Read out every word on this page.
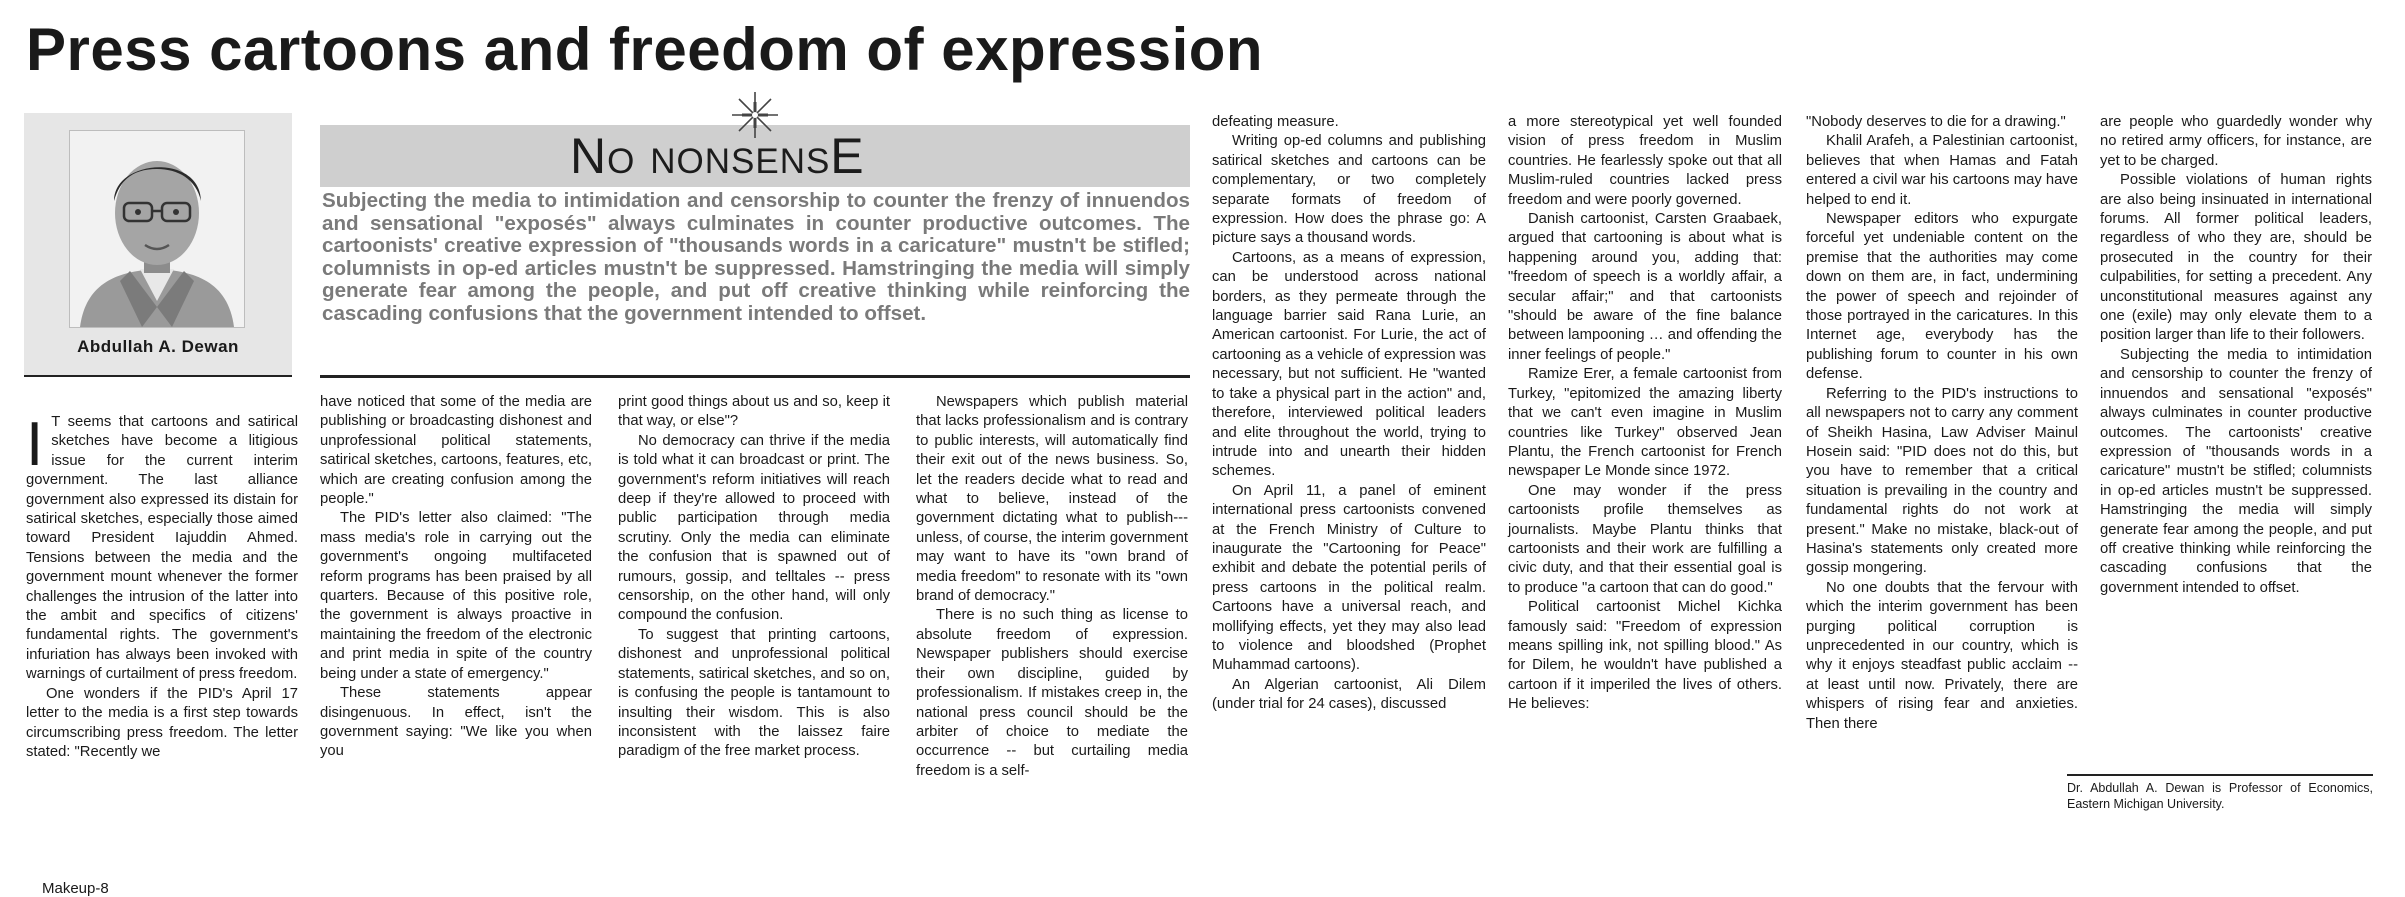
Press cartoons and freedom of expression
Abdullah A. Dewan
No nonsensE

Subjecting the media to intimidation and censorship to counter the frenzy of innuendos and sensational "exposés" always culminates in counter productive outcomes. The cartoonists' creative expression of "thousands words in a caricature" mustn't be stifled; columnists in op-ed articles mustn't be suppressed. Hamstringing the media will simply generate fear among the people, and put off creative thinking while reinforcing the cascading confusions that the government intended to offset.

I T seems that cartoons and satirical sketches have become a litigious issue for the current interim government. The last alliance government also expressed its distain for satirical sketches, especially those aimed toward President Iajuddin Ahmed. Tensions between the media and the government mount whenever the former challenges the intrusion of the latter into the ambit and specifics of citizens' fundamental rights. The government's infuriation has always been invoked with warnings of curtailment of press freedom.

One wonders if the PID's April 17 letter to the media is a first step towards circumscribing press freedom. The letter stated: "Recently we

have noticed that some of the media are publishing or broadcasting dishonest and unprofessional political statements, satirical sketches, cartoons, features, etc, which are creating confusion among the people."

The PID's letter also claimed: "The mass media's role in carrying out the government's ongoing multifaceted reform programs has been praised by all quarters. Because of this positive role, the government is always proactive in maintaining the freedom of the electronic and print media in spite of the country being under a state of emergency."

These statements appear disingenuous. In effect, isn't the government saying: "We like you when you

print good things about us and so, keep it that way, or else"?

No democracy can thrive if the media is told what it can broadcast or print. The government's reform initiatives will reach deep if they're allowed to proceed with public participation through media scrutiny. Only the media can eliminate the confusion that is spawned out of rumours, gossip, and telltales -- press censorship, on the other hand, will only compound the confusion.

To suggest that printing cartoons, dishonest and unprofessional political statements, satirical sketches, and so on, is confusing the people is tantamount to insulting their wisdom. This is also inconsistent with the laissez faire paradigm of the free market process.

Newspapers which publish material that lacks professionalism and is contrary to public interests, will automatically find their exit out of the news business. So, let the readers decide what to read and what to believe, instead of the government dictating what to publish--- unless, of course, the interim government may want to have its "own brand of media freedom" to resonate with its "own brand of democracy."

There is no such thing as license to absolute freedom of expression. Newspaper publishers should exercise their own discipline, guided by professionalism. If mistakes creep in, the national press council should be the arbiter of choice to mediate the occurrence -- but curtailing media freedom is a self-

defeating measure.

Writing op-ed columns and publishing satirical sketches and cartoons can be complementary, or two completely separate formats of freedom of expression. How does the phrase go: A picture says a thousand words.

Cartoons, as a means of expression, can be understood across national borders, as they permeate through the language barrier said Rana Lurie, an American cartoonist. For Lurie, the act of cartooning as a vehicle of expression was necessary, but not sufficient. He "wanted to take a physical part in the action" and, therefore, interviewed political leaders and elite throughout the world, trying to intrude into and unearth their hidden schemes.

On April 11, a panel of eminent international press cartoonists convened at the French Ministry of Culture to inaugurate the "Cartooning for Peace" exhibit and debate the potential perils of press cartoons in the political realm. Cartoons have a universal reach, and mollifying effects, yet they may also lead to violence and bloodshed (Prophet Muhammad cartoons).

An Algerian cartoonist, Ali Dilem (under trial for 24 cases), discussed

a more stereotypical yet well founded vision of press freedom in Muslim countries. He fearlessly spoke out that all Muslim-ruled countries lacked press freedom and were poorly governed.

Danish cartoonist, Carsten Graabaek, argued that cartooning is about what is happening around you, adding that: "freedom of speech is a worldly affair, a secular affair;" and that cartoonists "should be aware of the fine balance between lampooning … and offending the inner feelings of people."

Ramize Erer, a female cartoonist from Turkey, "epitomized the amazing liberty that we can't even imagine in Muslim countries like Turkey" observed Jean Plantu, the French cartoonist for French newspaper Le Monde since 1972.

One may wonder if the press cartoonists profile themselves as journalists. Maybe Plantu thinks that cartoonists and their work are fulfilling a civic duty, and that their essential goal is to produce "a cartoon that can do good."

Political cartoonist Michel Kichka famously said: "Freedom of expression means spilling ink, not spilling blood." As for Dilem, he wouldn't have published a cartoon if it imperiled the lives of others. He believes:

"Nobody deserves to die for a drawing."

Khalil Arafeh, a Palestinian cartoonist, believes that when Hamas and Fatah entered a civil war his cartoons may have helped to end it.

Newspaper editors who expurgate forceful yet undeniable content on the premise that the authorities may come down on them are, in fact, undermining the power of speech and rejoinder of those portrayed in the caricatures. In this Internet age, everybody has the publishing forum to counter in his own defense.

Referring to the PID's instructions to all newspapers not to carry any comment of Sheikh Hasina, Law Adviser Mainul Hosein said: "PID does not do this, but you have to remember that a critical situation is prevailing in the country and fundamental rights do not work at present." Make no mistake, black-out of Hasina's statements only created more gossip mongering.

No one doubts that the fervour with which the interim government has been purging political corruption is unprecedented in our country, which is why it enjoys steadfast public acclaim -- at least until now. Privately, there are whispers of rising fear and anxieties. Then there

are people who guardedly wonder why no retired army officers, for instance, are yet to be charged.

Possible violations of human rights are also being insinuated in international forums. All former political leaders, regardless of who they are, should be prosecuted in the country for their culpabilities, for setting a precedent. Any unconstitutional measures against any one (exile) may only elevate them to a position larger than life to their followers.

Subjecting the media to intimidation and censorship to counter the frenzy of innuendos and sensational "exposés" always culminates in counter productive outcomes. The cartoonists' creative expression of "thousands words in a caricature" mustn't be stifled; columnists in op-ed articles mustn't be suppressed. Hamstringing the media will simply generate fear among the people, and put off creative thinking while reinforcing the cascading confusions that the government intended to offset.

Dr. Abdullah A. Dewan is Professor of Economics, Eastern Michigan University.

Makeup-8
